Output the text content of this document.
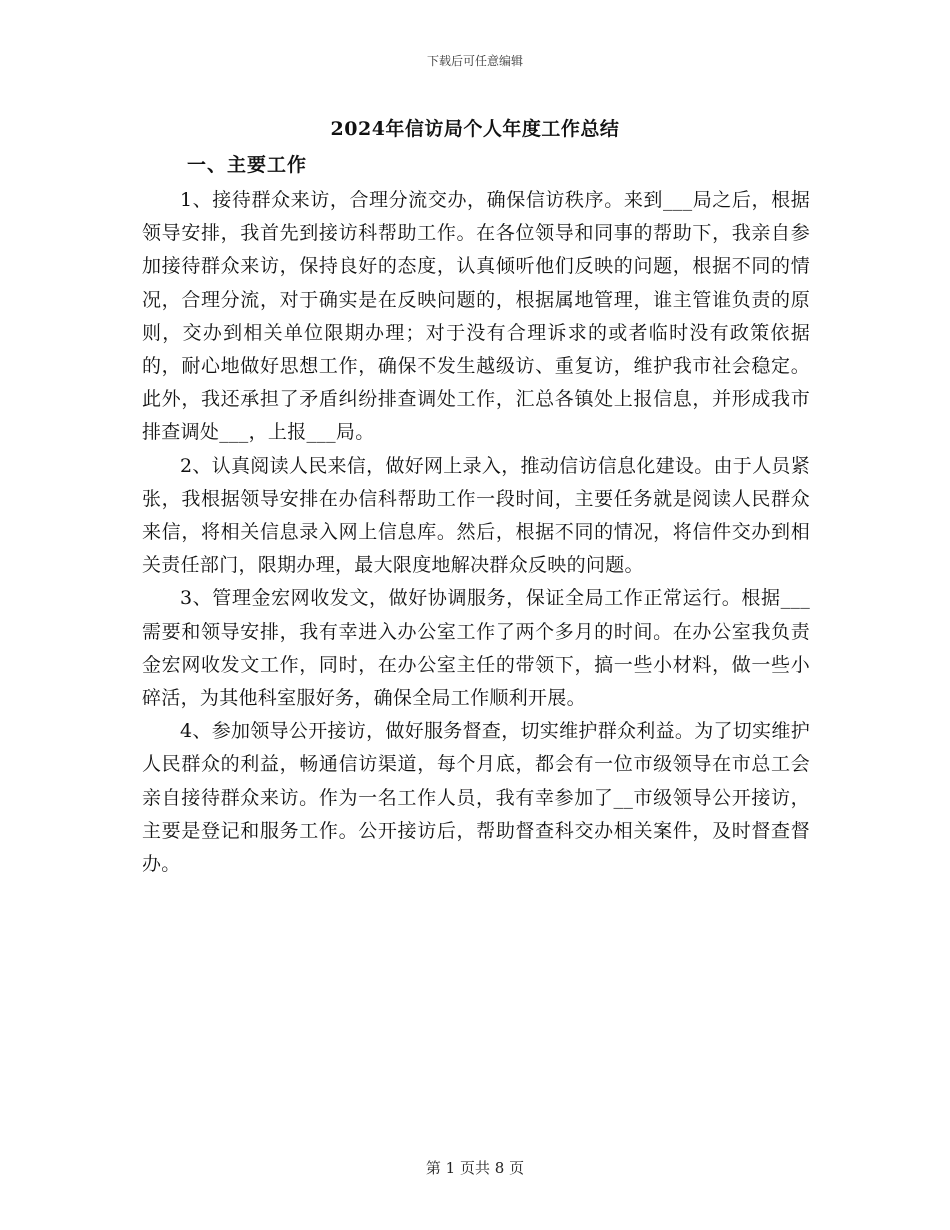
下载后可任意编辑
2024年信访局个人年度工作总结
一、主要工作

1、接待群众来访，合理分流交办，确保信访秩序。来到___局之后，根据领导安排，我首先到接访科帮助工作。在各位领导和同事的帮助下，我亲自参加接待群众来访，保持良好的态度，认真倾听他们反映的问题，根据不同的情况，合理分流，对于确实是在反映问题的，根据属地管理，谁主管谁负责的原则，交办到相关单位限期办理；对于没有合理诉求的或者临时没有政策依据的，耐心地做好思想工作，确保不发生越级访、重复访，维护我市社会稳定。此外，我还承担了矛盾纠纷排查调处工作，汇总各镇处上报信息，并形成我市排查调处___，上报___局。

2、认真阅读人民来信，做好网上录入，推动信访信息化建设。由于人员紧张，我根据领导安排在办信科帮助工作一段时间，主要任务就是阅读人民群众来信，将相关信息录入网上信息库。然后，根据不同的情况，将信件交办到相关责任部门，限期办理，最大限度地解决群众反映的问题。

3、管理金宏网收发文，做好协调服务，保证全局工作正常运行。根据___需要和领导安排，我有幸进入办公室工作了两个多月的时间。在办公室我负责金宏网收发文工作，同时，在办公室主任的带领下，搞一些小材料，做一些小碎活，为其他科室服好务，确保全局工作顺利开展。

4、参加领导公开接访，做好服务督查，切实维护群众利益。为了切实维护人民群众的利益，畅通信访渠道，每个月底，都会有一位市级领导在市总工会亲自接待群众来访。作为一名工作人员，我有幸参加了__市级领导公开接访，主要是登记和服务工作。公开接访后，帮助督查科交办相关案件，及时督查督办。

第 1 页共 8 页
